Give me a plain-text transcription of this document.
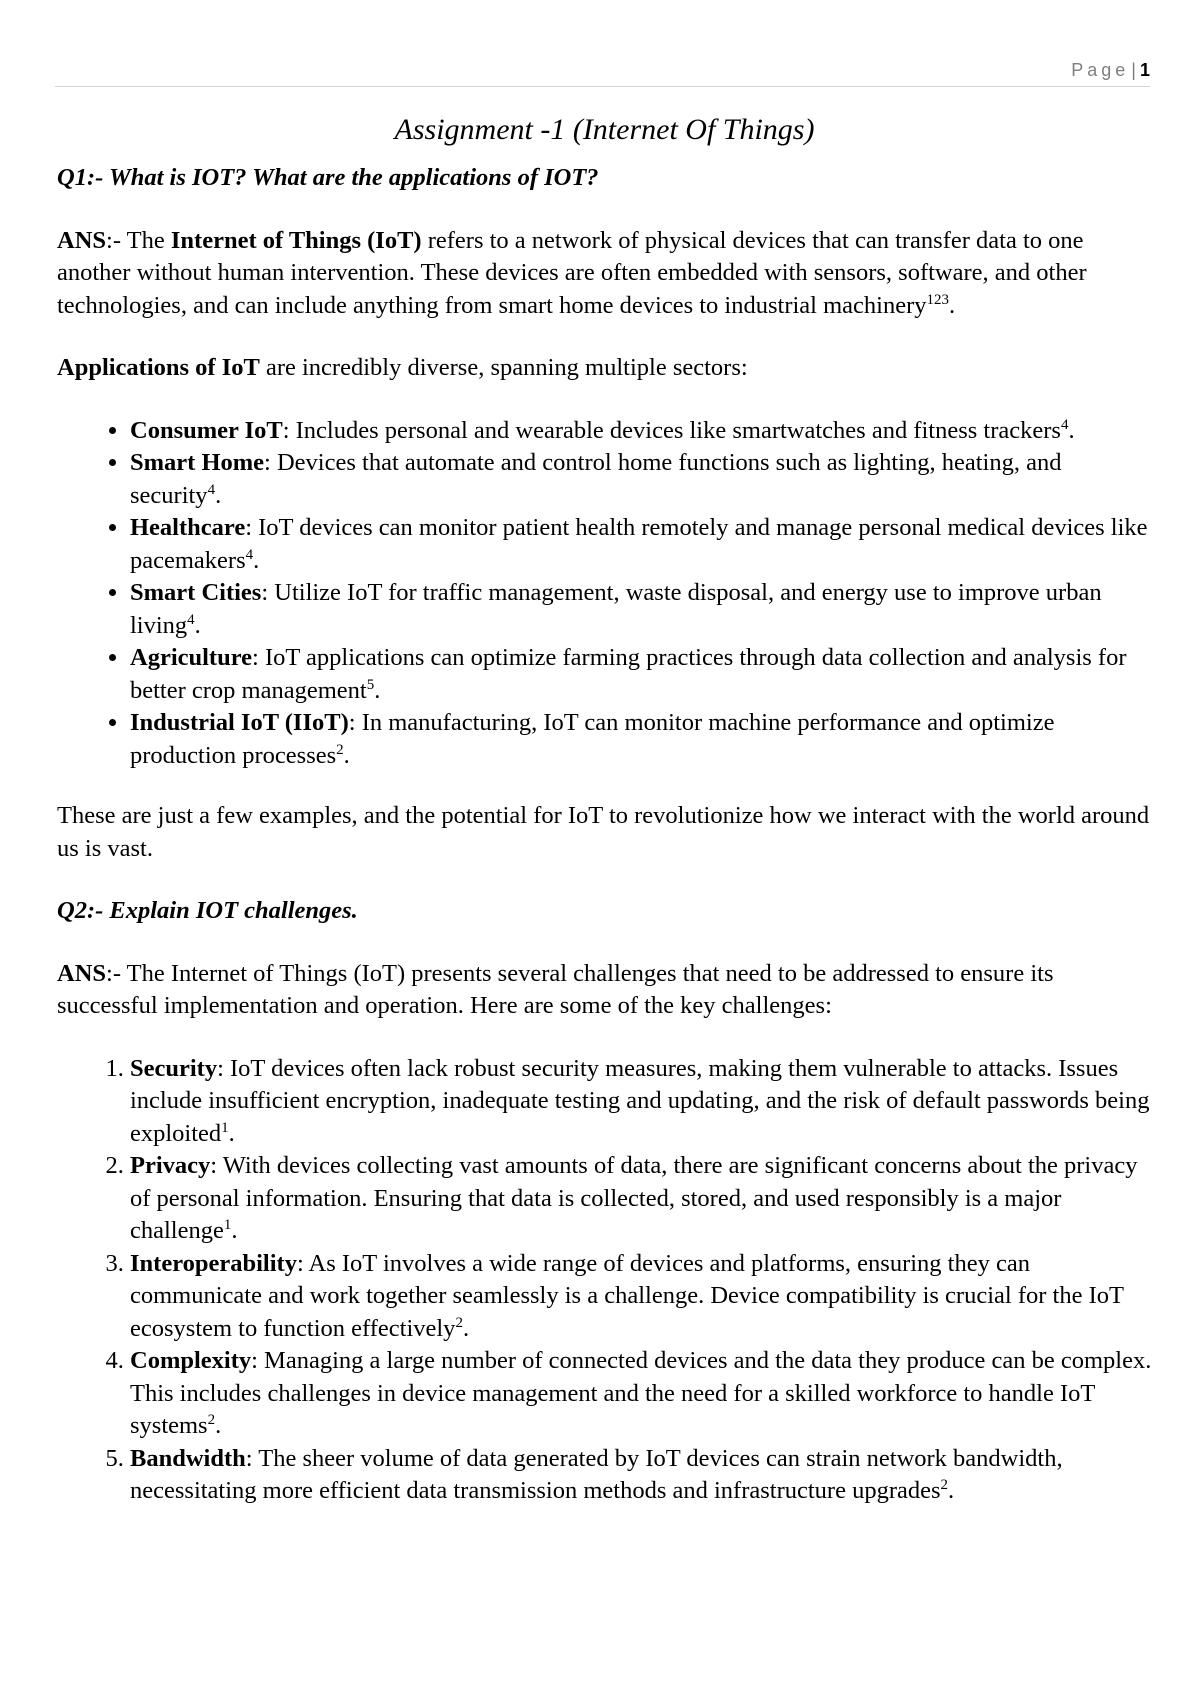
Page | 1
Assignment -1 (Internet Of Things)
Q1:- What is IOT? What are the applications of IOT?

ANS:- The Internet of Things (IoT) refers to a network of physical devices that can transfer data to one another without human intervention. These devices are often embedded with sensors, software, and other technologies, and can include anything from smart home devices to industrial machinery$^{123}$.

Applications of IoT are incredibly diverse, spanning multiple sectors:

• Consumer IoT: Includes personal and wearable devices like smartwatches and fitness trackers$^4$.
• Smart Home: Devices that automate and control home functions such as lighting, heating, and security$^4$.
• Healthcare: IoT devices can monitor patient health remotely and manage personal medical devices like pacemakers$^4$.
• Smart Cities: Utilize IoT for traffic management, waste disposal, and energy use to improve urban living$^4$.
• Agriculture: IoT applications can optimize farming practices through data collection and analysis for better crop management$^5$.
• Industrial IoT (IIoT): In manufacturing, IoT can monitor machine performance and optimize production processes$^2$.

These are just a few examples, and the potential for IoT to revolutionize how we interact with the world around us is vast.

Q2:- Explain IOT challenges.

ANS:- The Internet of Things (IoT) presents several challenges that need to be addressed to ensure its successful implementation and operation. Here are some of the key challenges:

1. Security: IoT devices often lack robust security measures, making them vulnerable to attacks. Issues include insufficient encryption, inadequate testing and updating, and the risk of default passwords being exploited$^1$.
2. Privacy: With devices collecting vast amounts of data, there are significant concerns about the privacy of personal information. Ensuring that data is collected, stored, and used responsibly is a major challenge$^1$.
3. Interoperability: As IoT involves a wide range of devices and platforms, ensuring they can communicate and work together seamlessly is a challenge. Device compatibility is crucial for the IoT ecosystem to function effectively$^2$.
4. Complexity: Managing a large number of connected devices and the data they produce can be complex. This includes challenges in device management and the need for a skilled workforce to handle IoT systems$^2$.
5. Bandwidth: The sheer volume of data generated by IoT devices can strain network bandwidth, necessitating more efficient data transmission methods and infrastructure upgrades$^2$.
